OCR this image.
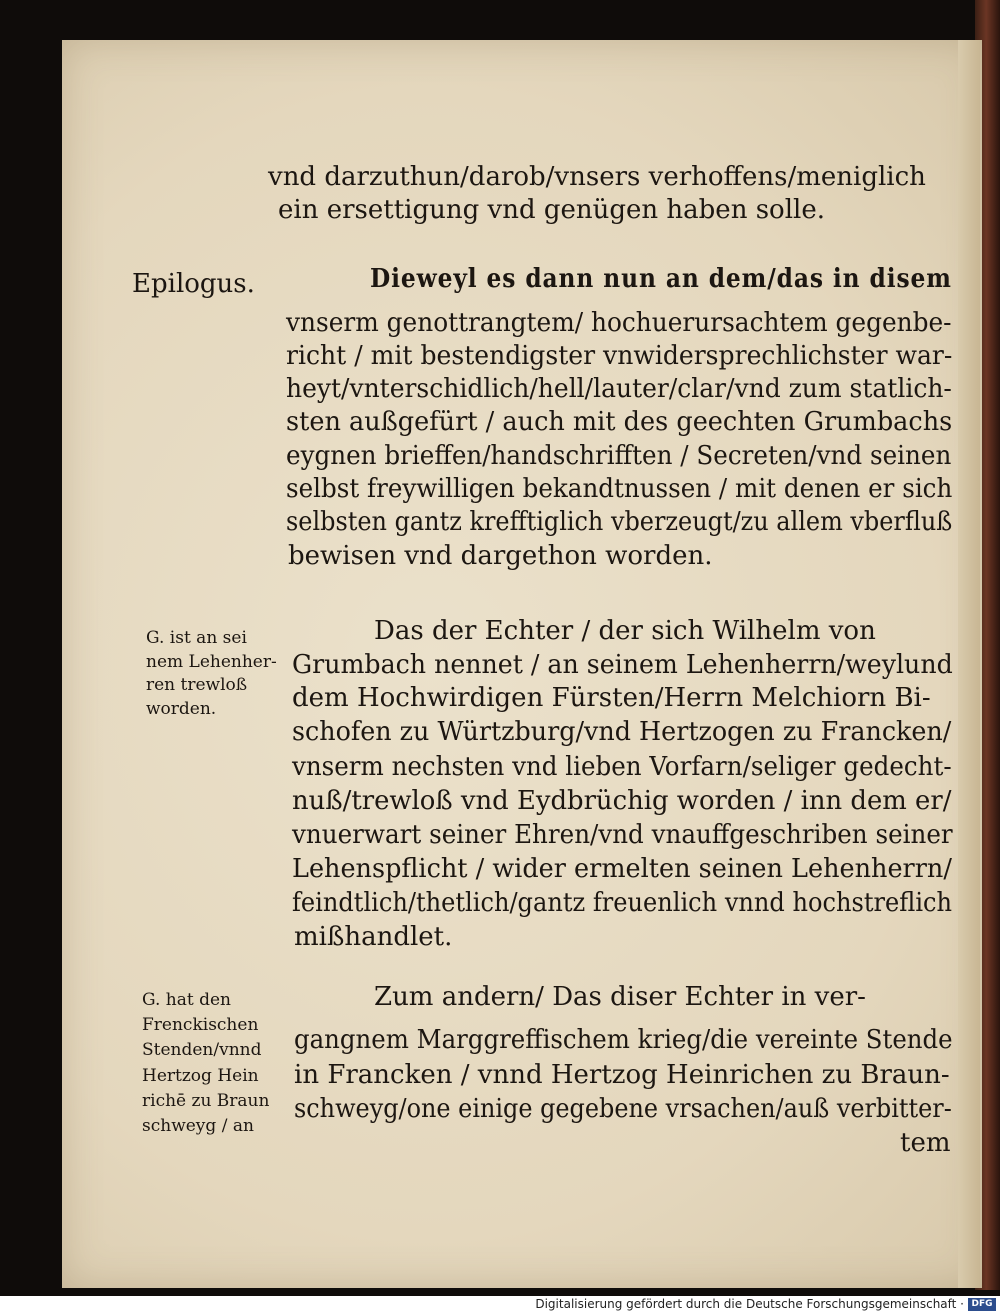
vnd darzuthun/darob/vnsers verhoffens/meniglich
ein ersettigung vnd genügen haben solle.
Epilogus.	Dieweyl es dann nun an dem/das in disem
vnserm genottrangtem/ hochuerursachtem gegenbe-
richt / mit bestendigster vnwidersprechlichster war-
heyt/vnterschidlich/hell/lauter/clar/vnd zum statlich-
sten außgefürt / auch mit des geechten Grumbachs
eygnen brieffen/handschrifften / Secreten/vnd seinen
selbst freywilligen bekandtnussen / mit denen er sich
selbsten gantz krefftiglich vberzeugt/zu allem vberfluß
bewisen vnd dargethon worden.
G. ist an sei
nem Lehenher-
ren trewloß
worden.
Das der Echter / der sich Wilhelm von
Grumbach nennet / an seinem Lehenherrn/weylund
dem Hochwirdigen Fürsten/Herrn Melchiorn Bi-
schofen zu Würtzburg/vnd Hertzogen zu Francken/
vnserm nechsten vnd lieben Vorfarn/seliger gedecht-
nuß/trewloß vnd Eydbrüchig worden / inn dem er/
vnuerwart seiner Ehren/vnd vnauffgeschriben seiner
Lehenspflicht / wider ermelten seinen Lehenherrn/
feindtlich/thetlich/gantz freuenlich vnnd hochstreflich
mißhandlet.
G. hat den
Frenckischen
Stenden/vnnd
Hertzog Hein
richē zu Braun
schweyg / an
Zum andern/ Das diser Echter in ver-
gangnem Marggreffischem krieg/die vereinte Stende
in Francken / vnnd Hertzog Heinrichen zu Braun-
schweyg/one einige gegebene vrsachen/auß verbitter-
tem
Digitalisierung gefördert durch die Deutsche Forschungsgemeinschaft · DFG
